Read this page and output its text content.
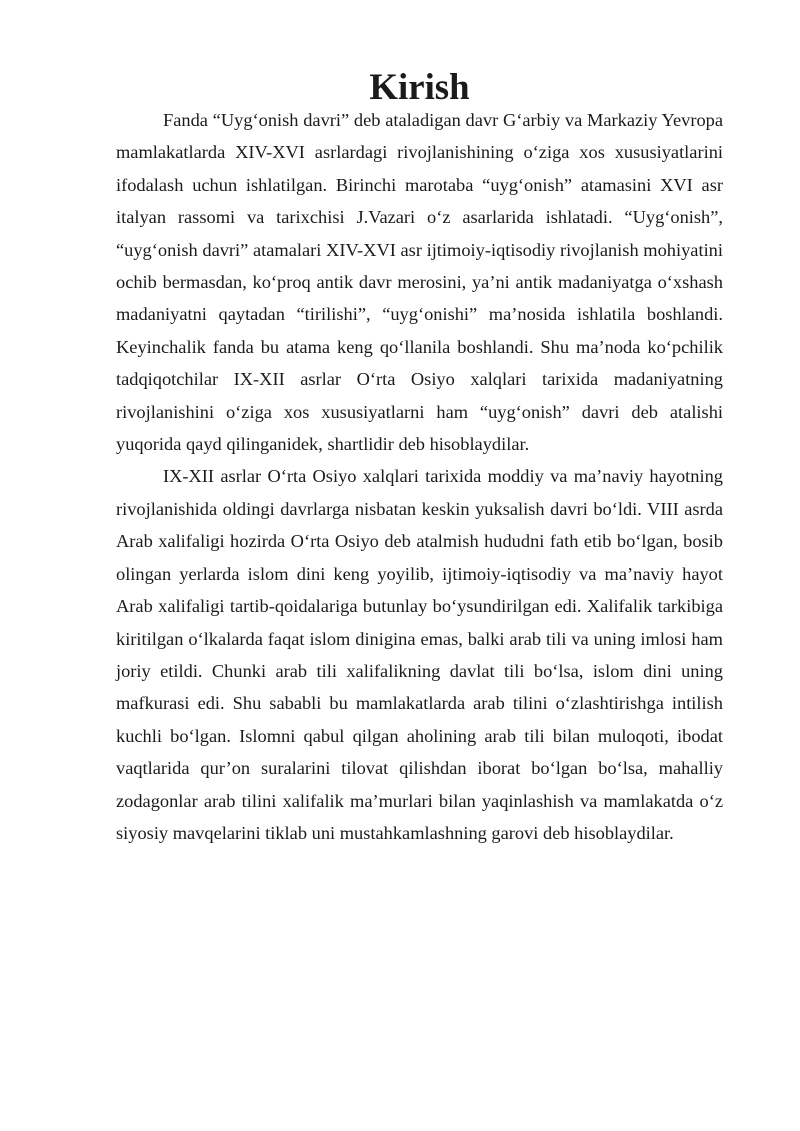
Kirish

Fanda “Uyg‘onish davri” deb ataladigan davr G‘arbiy va Markaziy Yevropa mamlakatlarda XIV-XVI asrlardagi rivojlanishining o‘ziga xos xususiyatlarini ifodalash uchun ishlatilgan. Birinchi marotaba “uyg‘onish” atamasini XVI asr italyan rassomi va tarixchisi J.Vazari o‘z asarlarida ishlatadi. “Uyg‘onish”, “uyg‘onish davri” atamalari XIV-XVI asr ijtimoiy-iqtisodiy rivojlanish mohiyatini ochib bermasdan, ko‘proq antik davr merosini, ya’ni antik madaniyatga o‘xshash madaniyatni qaytadan “tirilishi”, “uyg‘onishi” ma’nosida ishlatila boshlandi. Keyinchalik fanda bu atama keng qo‘llanila boshlandi. Shu ma’noda ko‘pchilik tadqiqotchilar IX-XII asrlar O‘rta Osiyo xalqlari tarixida madaniyatning rivojlanishini o‘ziga xos xususiyatlarni ham “uyg‘onish” davri deb atalishi yuqorida qayd qilinganidek, shartlidir deb hisoblaydilar.

IX-XII asrlar O‘rta Osiyo xalqlari tarixida moddiy va ma’naviy hayotning rivojlanishida oldingi davrlarga nisbatan keskin yuksalish davri bo‘ldi. VIII asrda Arab xalifaligi hozirda O‘rta Osiyo deb atalmish hududni fath etib bo‘lgan, bosib olingan yerlarda islom dini keng yoyilib, ijtimoiy-iqtisodiy va ma’naviy hayot Arab xalifaligi tartib-qoidalariga butunlay bo‘ysundirilgan edi. Xalifalik tarkibiga kiritilgan o‘lkalarda faqat islom dinigina emas, balki arab tili va uning imlosi ham joriy etildi. Chunki arab tili xalifalikning davlat tili bo‘lsa, islom dini uning mafkurasi edi. Shu sababli bu mamlakatlarda arab tilini o‘zlashtirishga intilish kuchli bo‘lgan. Islomni qabul qilgan aholining arab tili bilan muloqoti, ibodat vaqtlarida qur’on suralarini tilovat qilishdan iborat bo‘lgan bo‘lsa, mahalliy zodagonlar arab tilini xalifalik ma’murlari bilan yaqinlashish va mamlakatda o‘z siyosiy mavqelarini tiklab uni mustahkamlashning garovi deb hisoblaydilar.
